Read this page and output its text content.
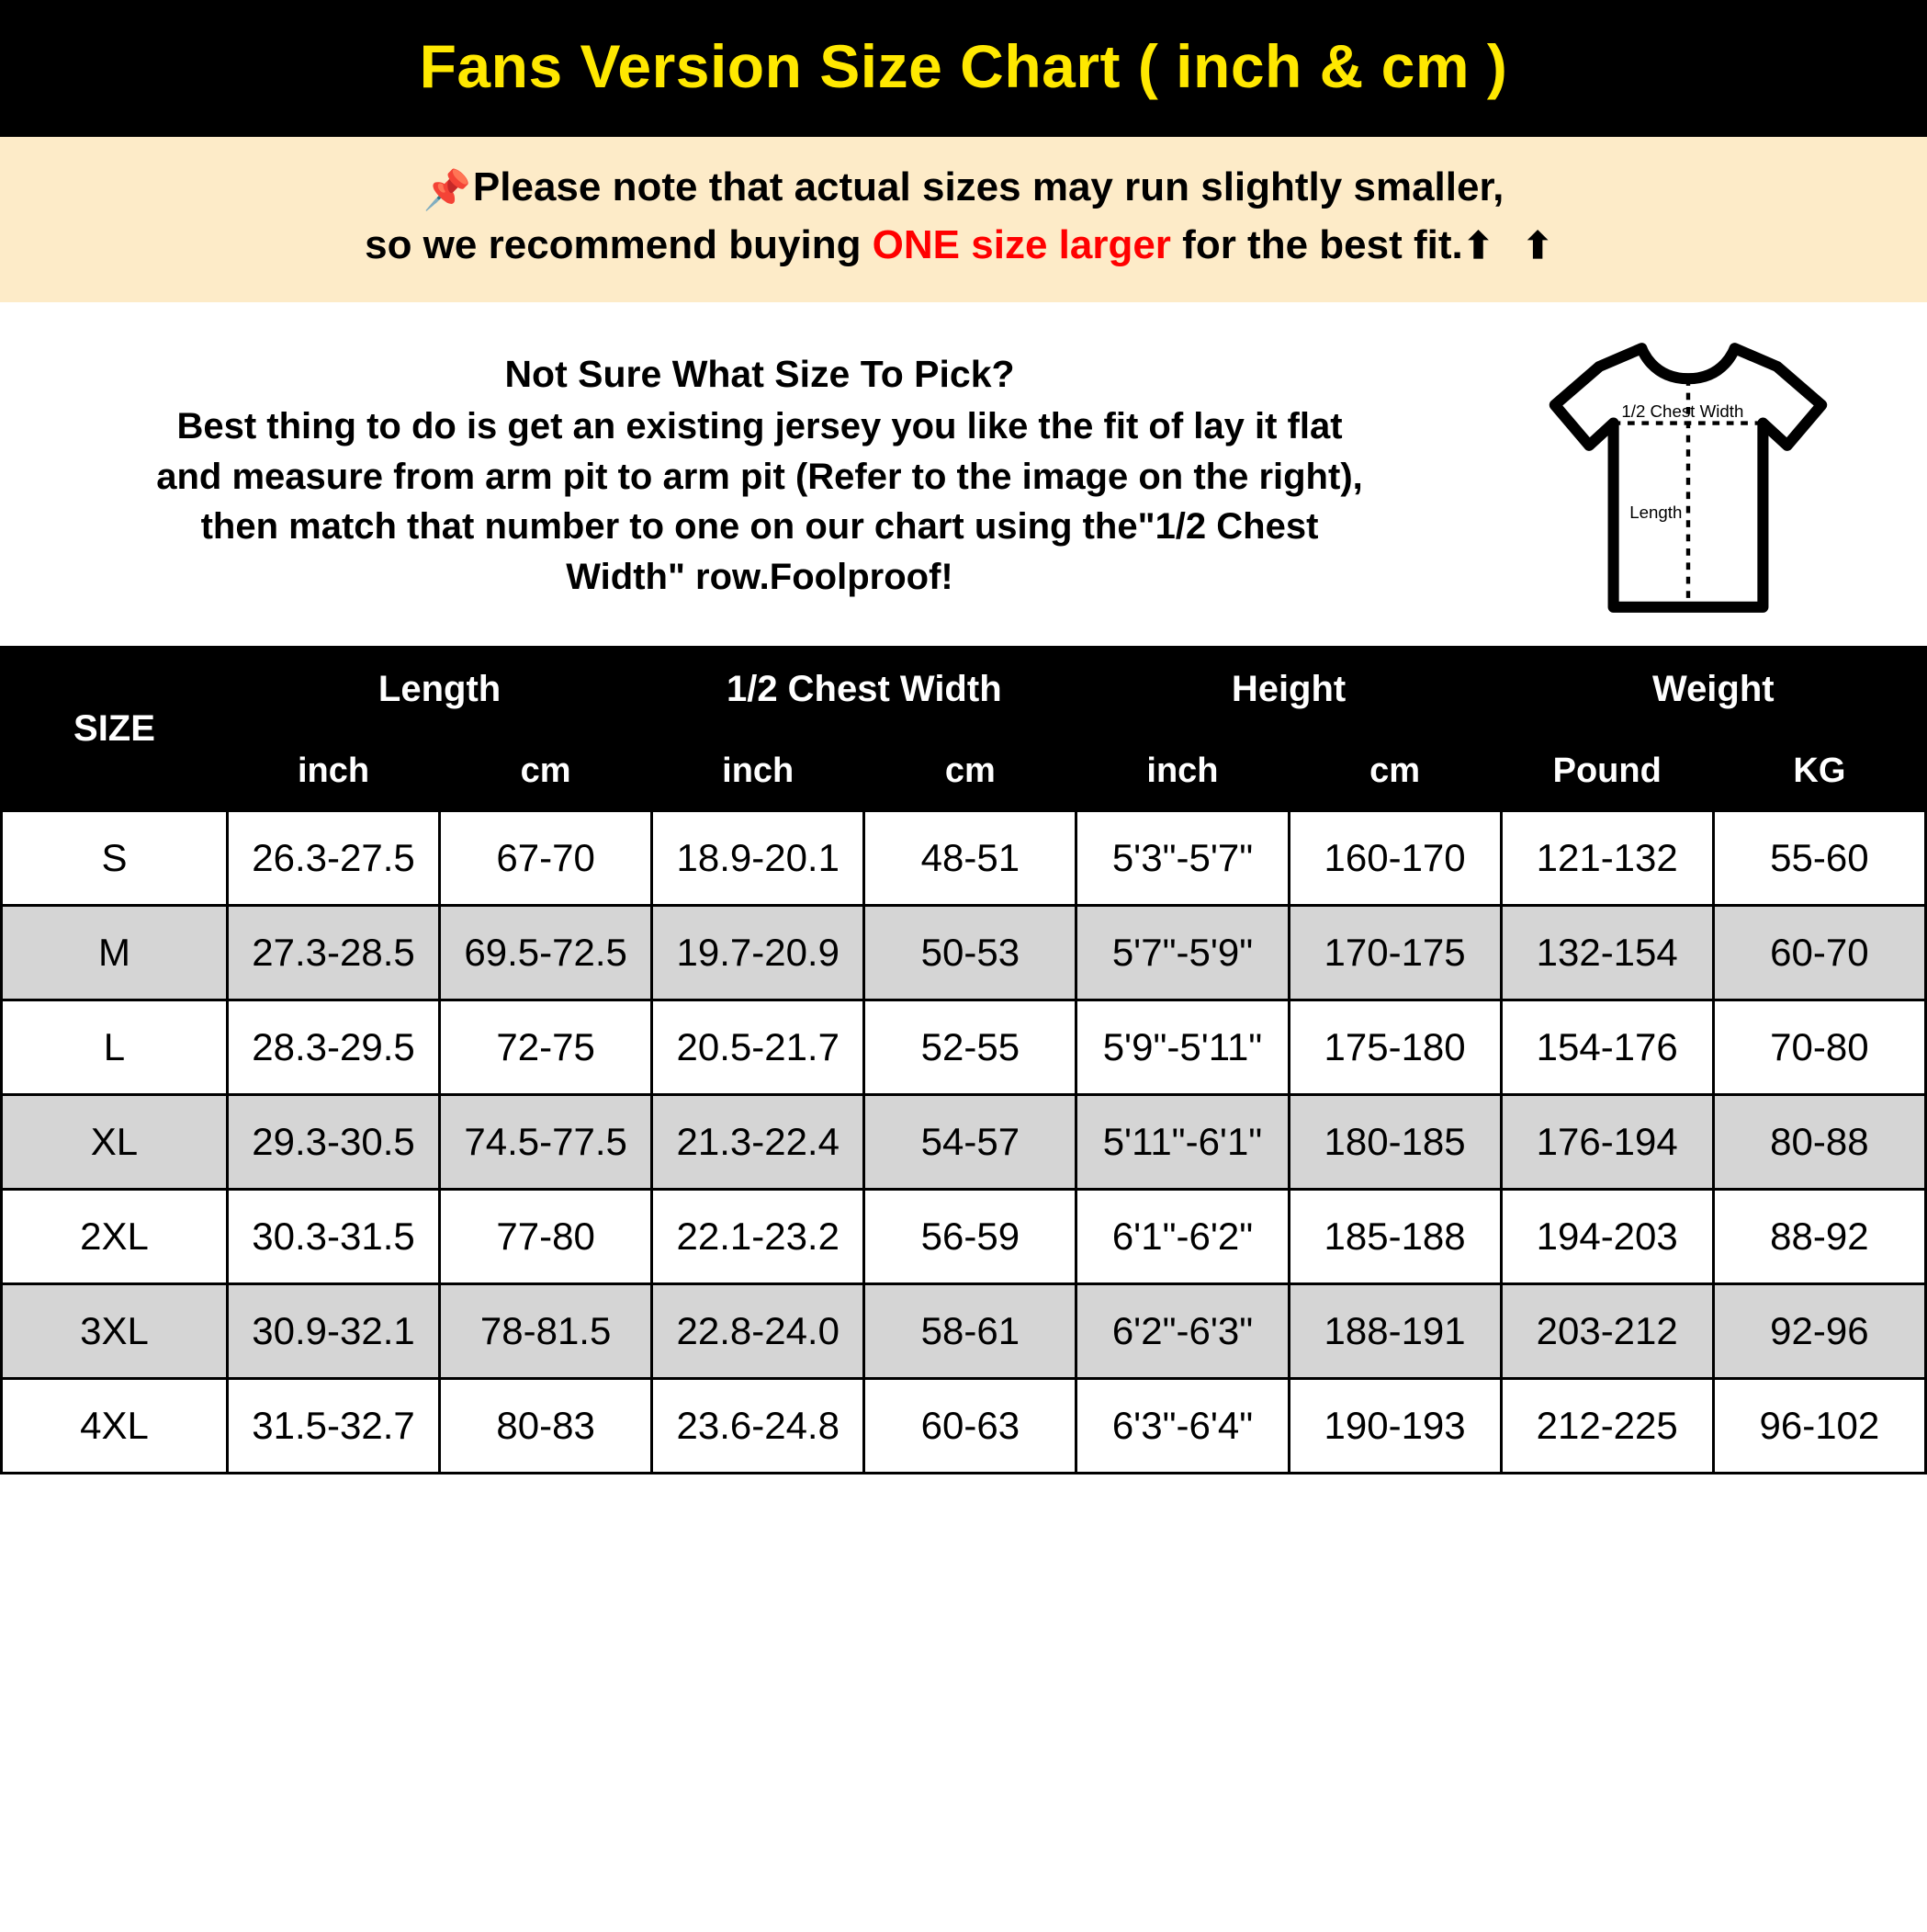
Fans Version Size Chart ( inch & cm )
📌Please note that actual sizes may run slightly smaller,
so we recommend buying ONE size larger for the best fit.⬆ ⬆
Not Sure What Size To Pick?
Best thing to do is get an existing jersey you like the fit of lay it flat
and measure from arm pit to arm pit (Refer to the image on the right),
then match that number to one on our chart using the"1/2 Chest
Width" row.Foolproof!
1/2 Chest Width
Length
SIZE	Length		1/2 Chest Width		Height		Weight	
	inch	cm	inch	cm	inch	cm	Pound	KG
S	26.3-27.5	67-70	18.9-20.1	48-51	5'3"-5'7"	160-170	121-132	55-60
M	27.3-28.5	69.5-72.5	19.7-20.9	50-53	5'7"-5'9"	170-175	132-154	60-70
L	28.3-29.5	72-75	20.5-21.7	52-55	5'9"-5'11"	175-180	154-176	70-80
XL	29.3-30.5	74.5-77.5	21.3-22.4	54-57	5'11"-6'1"	180-185	176-194	80-88
2XL	30.3-31.5	77-80	22.1-23.2	56-59	6'1"-6'2"	185-188	194-203	88-92
3XL	30.9-32.1	78-81.5	22.8-24.0	58-61	6'2"-6'3"	188-191	203-212	92-96
4XL	31.5-32.7	80-83	23.6-24.8	60-63	6'3"-6'4"	190-193	212-225	96-102
